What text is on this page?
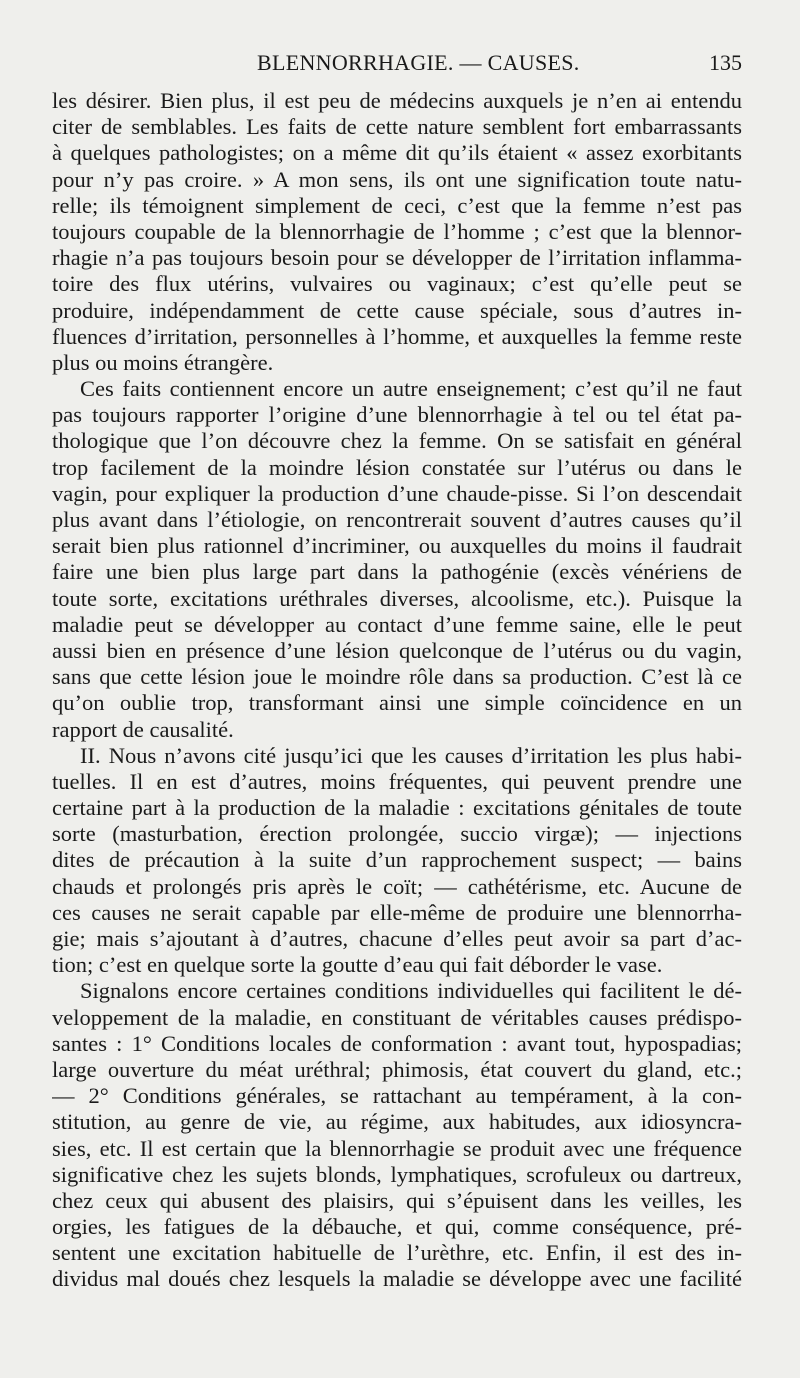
BLENNORRHAGIE. — CAUSES.	135
les désirer. Bien plus, il est peu de médecins auxquels je n’en ai entendu
citer de semblables. Les faits de cette nature semblent fort embarrassants
à quelques pathologistes; on a même dit qu’ils étaient « assez exorbitants
pour n’y pas croire. » A mon sens, ils ont une signification toute natu-
relle; ils témoignent simplement de ceci, c’est que la femme n’est pas
toujours coupable de la blennorrhagie de l’homme ; c’est que la blennor-
rhagie n’a pas toujours besoin pour se développer de l’irritation inflamma-
toire des flux utérins, vulvaires ou vaginaux; c’est qu’elle peut se
produire, indépendamment de cette cause spéciale, sous d’autres in-
fluences d’irritation, personnelles à l’homme, et auxquelles la femme reste
plus ou moins étrangère.
Ces faits contiennent encore un autre enseignement; c’est qu’il ne faut
pas toujours rapporter l’origine d’une blennorrhagie à tel ou tel état pa-
thologique que l’on découvre chez la femme. On se satisfait en général
trop facilement de la moindre lésion constatée sur l’utérus ou dans le
vagin, pour expliquer la production d’une chaude-pisse. Si l’on descendait
plus avant dans l’étiologie, on rencontrerait souvent d’autres causes qu’il
serait bien plus rationnel d’incriminer, ou auxquelles du moins il faudrait
faire une bien plus large part dans la pathogénie (excès vénériens de
toute sorte, excitations uréthrales diverses, alcoolisme, etc.). Puisque la
maladie peut se développer au contact d’une femme saine, elle le peut
aussi bien en présence d’une lésion quelconque de l’utérus ou du vagin,
sans que cette lésion joue le moindre rôle dans sa production. C’est là ce
qu’on oublie trop, transformant ainsi une simple coïncidence en un
rapport de causalité.
II. Nous n’avons cité jusqu’ici que les causes d’irritation les plus habi-
tuelles. Il en est d’autres, moins fréquentes, qui peuvent prendre une
certaine part à la production de la maladie : excitations génitales de toute
sorte (masturbation, érection prolongée, succio virgæ); — injections
dites de précaution à la suite d’un rapprochement suspect; — bains
chauds et prolongés pris après le coït; — cathétérisme, etc. Aucune de
ces causes ne serait capable par elle-même de produire une blennorrha-
gie; mais s’ajoutant à d’autres, chacune d’elles peut avoir sa part d’ac-
tion; c’est en quelque sorte la goutte d’eau qui fait déborder le vase.
Signalons encore certaines conditions individuelles qui facilitent le dé-
veloppement de la maladie, en constituant de véritables causes prédispo-
santes : 1° Conditions locales de conformation : avant tout, hypospadias;
large ouverture du méat uréthral; phimosis, état couvert du gland, etc.;
— 2° Conditions générales, se rattachant au tempérament, à la con-
stitution, au genre de vie, au régime, aux habitudes, aux idiosyncra-
sies, etc. Il est certain que la blennorrhagie se produit avec une fréquence
significative chez les sujets blonds, lymphatiques, scrofuleux ou dartreux,
chez ceux qui abusent des plaisirs, qui s’épuisent dans les veilles, les
orgies, les fatigues de la débauche, et qui, comme conséquence, pré-
sentent une excitation habituelle de l’urèthre, etc. Enfin, il est des in-
dividus mal doués chez lesquels la maladie se développe avec une facilité
